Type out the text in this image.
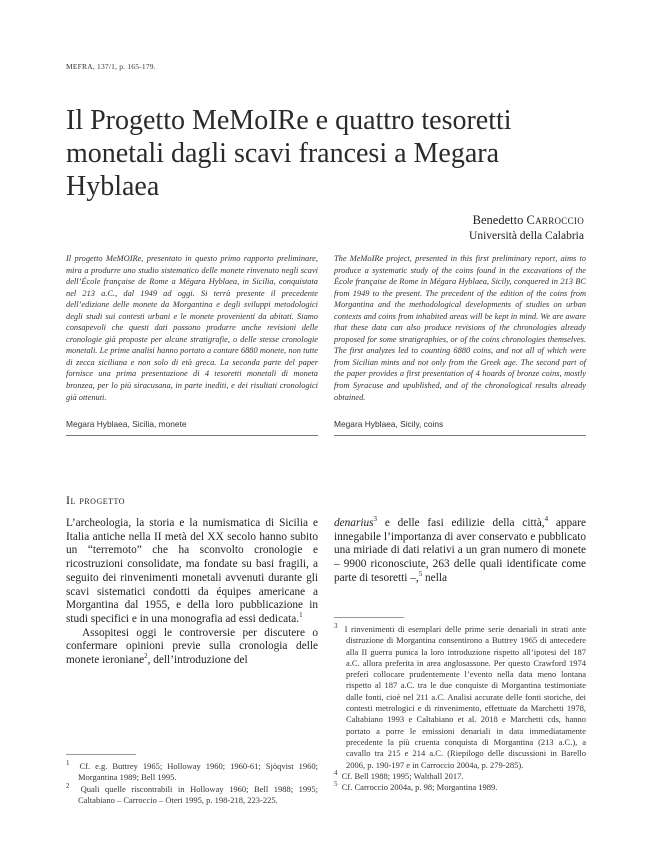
MEFRA, 137/1, p. 165-179.
Il Progetto MeMoIRe e quattro tesoretti monetali dagli scavi francesi a Megara Hyblaea
Benedetto Carroccio
Università della Calabria
Il progetto MeMOIRe, presentato in questo primo rapporto preliminare, mira a produrre uno studio sistematico delle monete rinvenuto negli scavi dell’École française de Rome a Mégara Hyblaea, in Sicilia, conquistata nel 213 a.C., dal 1949 ad oggi. Si terrà presente il precedente dell’edizione delle monete da Morgantina e degli sviluppi metodologici degli studi sui contesti urbani e le monete provenienti da abitati. Siamo consapevoli che questi dati possono produrre anche revisioni delle cronologie già proposte per alcune stratigrafie, o delle stesse cronologie monetali. Le prime analisi hanno portato a contare 6880 monete, non tutte di zecca siciliana e non solo di età greca. La seconda parte del paper fornisce una prima presentazione di 4 tesoretti monetali di moneta bronzea, per lo più siracusana, in parte inediti, e dei risultati cronologici già ottenuti.
The MeMoIRe project, presented in this first preliminary report, aims to produce a systematic study of the coins found in the excavations of the École française de Rome in Mégara Hyblaea, Sicily, conquered in 213 BC from 1949 to the present. The precedent of the edition of the coins from Morgantina and the methodological developments of studies on urban contexts and coins from inhabited areas will be kept in mind. We are aware that these data can also produce revisions of the chronologies already proposed for some stratigraphies, or of the coins chronologies themselves. The first analyzes led to counting 6880 coins, and not all of which were from Sicilian mints and not only from the Greek age. The second part of the paper provides a first presentation of 4 hoards of bronze coins, mostly from Syracuse and upublished, and of the chronological results already obtained.
Megara Hyblaea, Sicilia, monete	Megara Hyblaea, Sicily, coins
Il progetto

L’archeologia, la storia e la numismatica di Sicilia e Italia antiche nella II metà del XX secolo hanno subito un “terremoto” che ha sconvolto cronologie e ricostruzioni consolidate, ma fondate su basi fragili, a seguito dei rinvenimenti monetali avvenuti durante gli scavi sistematici condotti da équipes americane a Morgantina dal 1955, e della loro pubblicazione in studi specifici e in una monografia ad essi dedicata.$^1$

Assopitesi oggi le controversie per discutere o confermare opinioni previe sulla cronologia delle monete ieroniane$^2$, dell’introduzione del

denarius$^3$ e delle fasi edilizie della città,$^4$ appare innegabile l’importanza di aver conservato e pubblicato una miriade di dati relativi a un gran numero di monete – 9900 riconosciute, 263 delle quali identificate come parte di tesoretti –,$^5$ nella

$^1$ Cf. e.g. Buttrey 1965; Holloway 1960; 1960-61; Sjöqvist 1960; Morgantina 1989; Bell 1995.
$^2$ Quali quelle riscontrabili in Holloway 1960; Bell 1988; 1995; Caltabiano – Carroccio – Oteri 1995, p. 198-218, 223-225.
$^3$ I rinvenimenti di esemplari delle prime serie denariali in strati ante distruzione di Morgantina consentirono a Buttrey 1965 di antecedere alla II guerra punica la loro introduzione rispetto all’ipotesi del 187 a.C. allora preferita in area anglosassone. Per questo Crawford 1974 preferì collocare prudentemente l’evento nella data meno lontana rispetto al 187 a.C. tra le due conquiste di Morgantina testimoniate dalle fonti, cioè nel 211 a.C. Analisi accurate delle fonti storiche, dei contesti metrologici e di rinvenimento, effettuate da Marchetti 1978, Caltabiano 1993 e Caltabiano et al. 2018 e Marchetti cds, hanno portato a porre le emissioni denariali in data immediatamente precedente la più cruenta conquista di Morgantina (213 a.C.), a cavallo tra 215 e 214 a.C. (Riepilogo delle discussioni in Barello 2006, p. 190-197 e in Carroccio 2004a, p. 279-285).
$^4$ Cf. Bell 1988; 1995; Walthall 2017.
$^5$ Cf. Carroccio 2004a, p. 98; Morgantina 1989.
